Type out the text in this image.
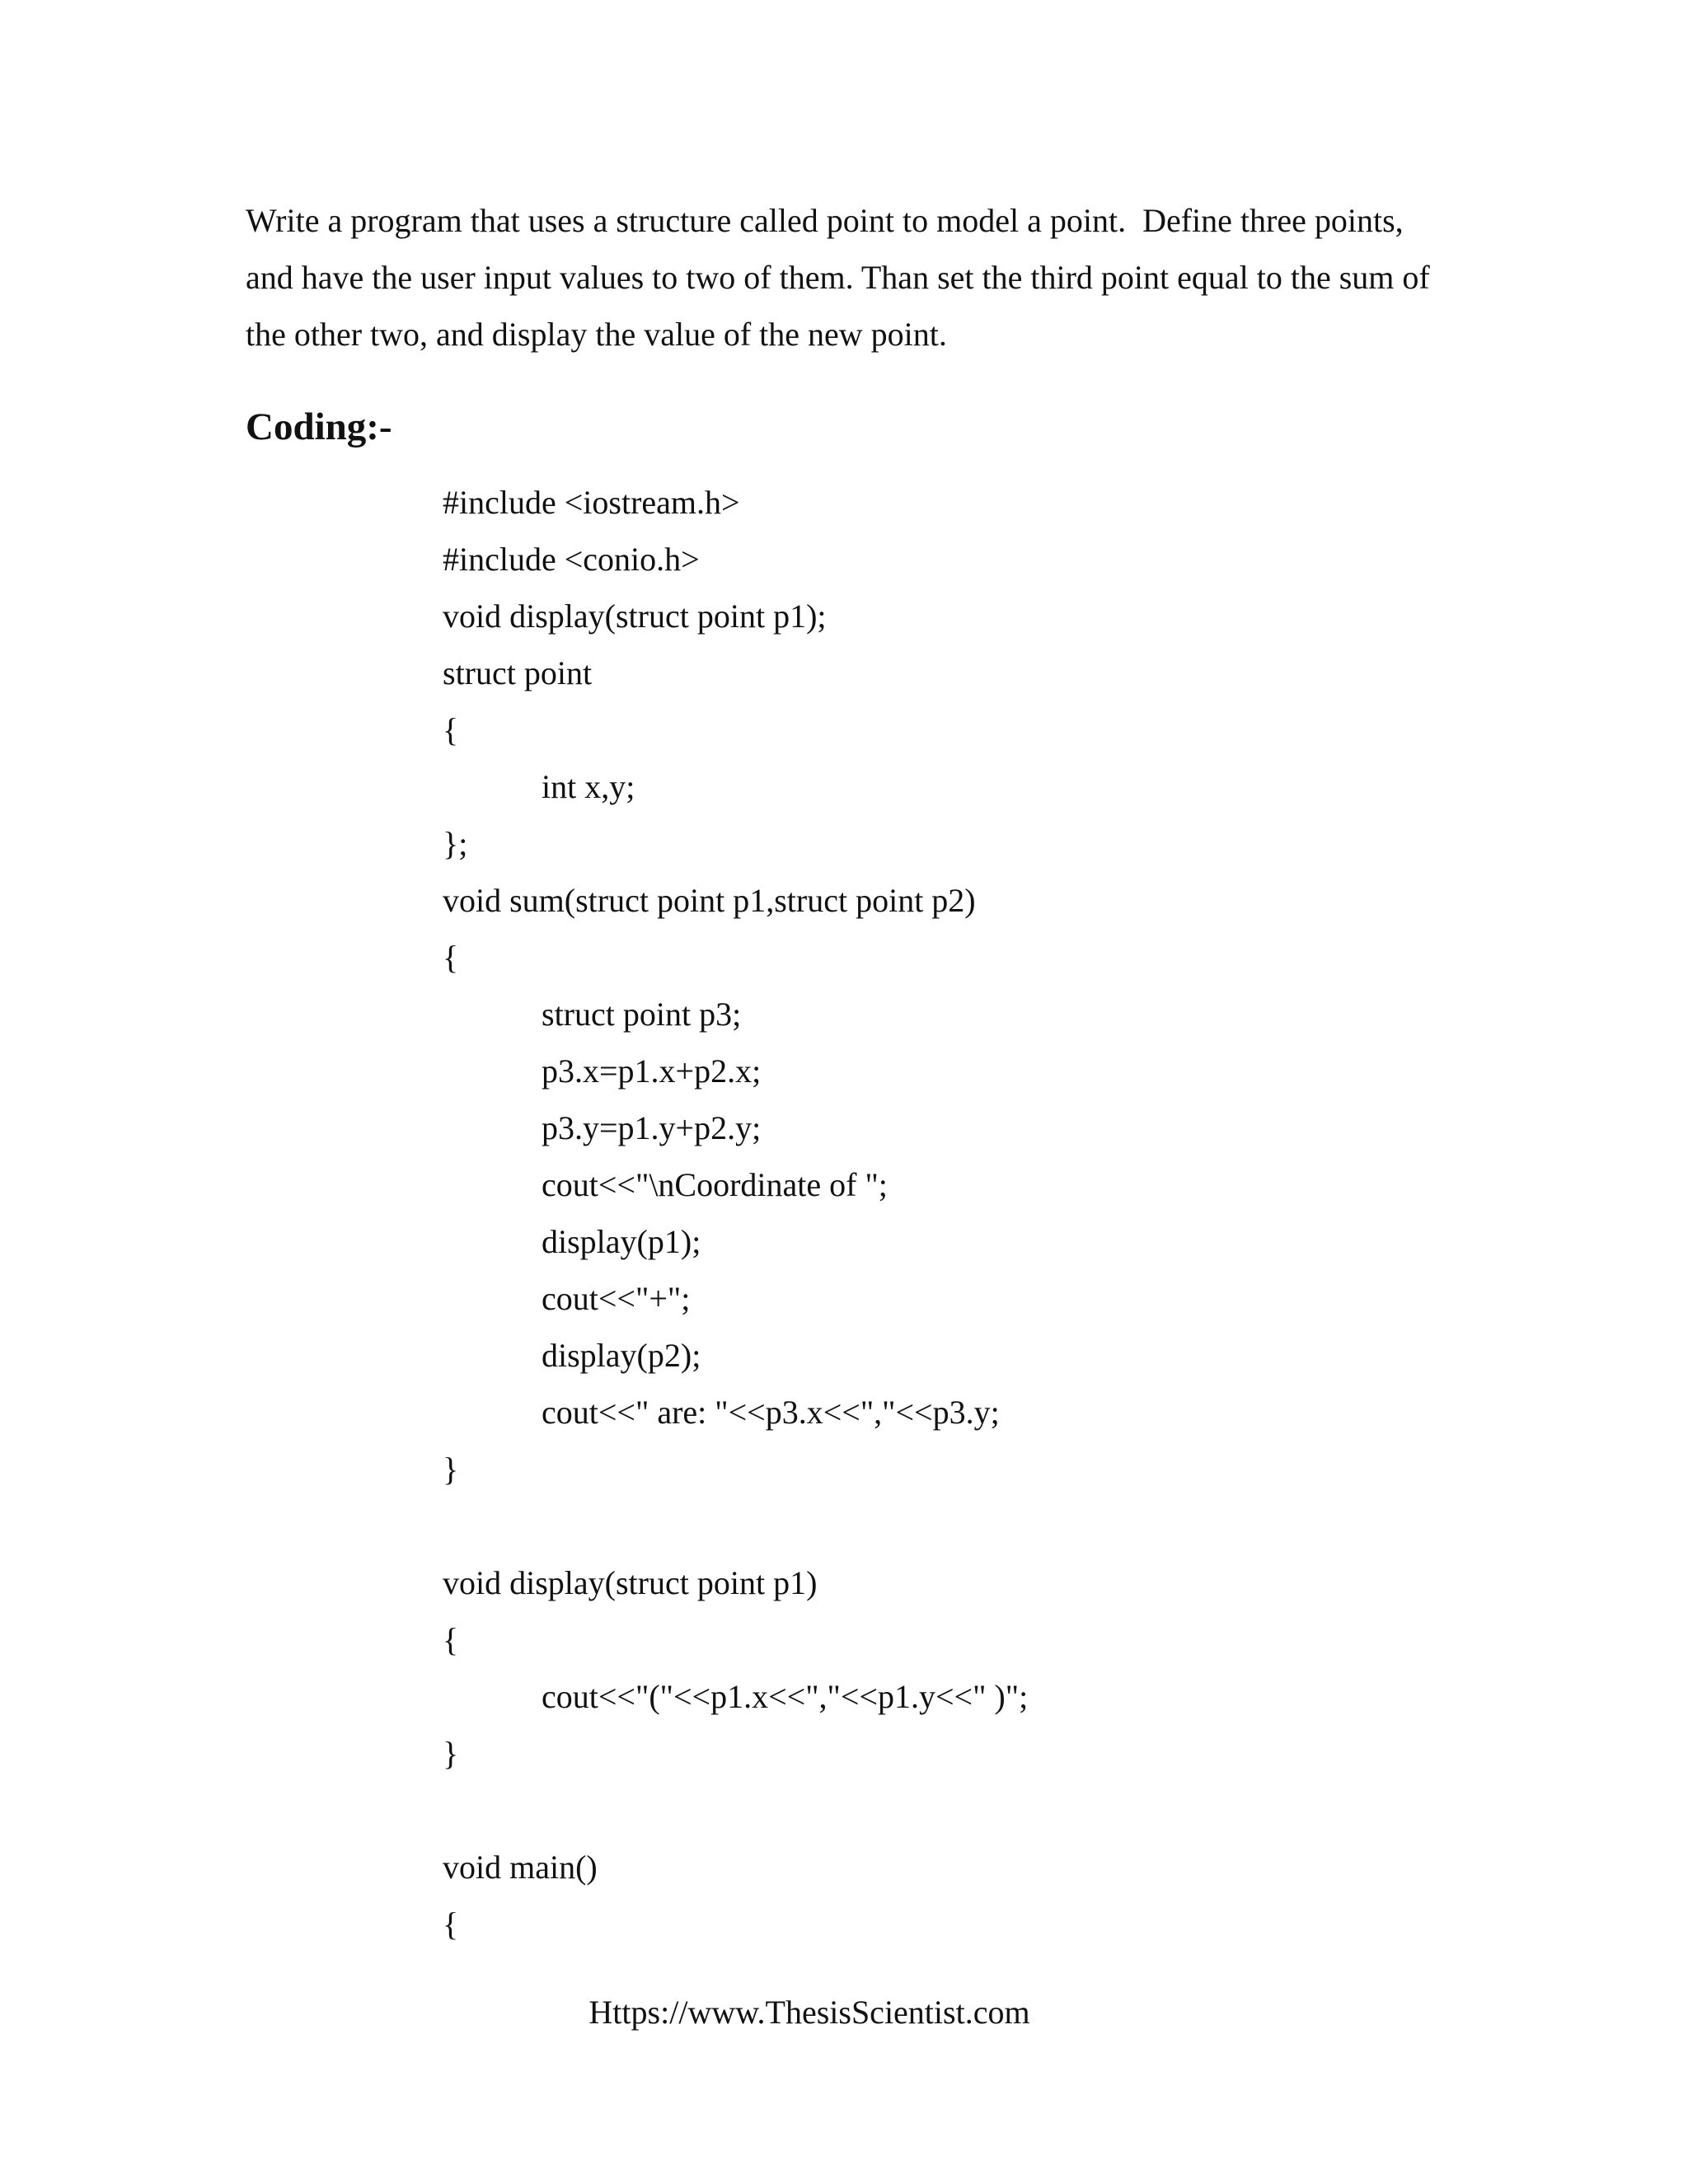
Write a program that uses a structure called point to model a point.  Define three points,
and have the user input values to two of them. Than set the third point equal to the sum of
the other two, and display the value of the new point.
Coding:-
#include <iostream.h>
#include <conio.h>
void display(struct point p1);
struct point
{
int x,y;
};
void sum(struct point p1,struct point p2)
{
struct point p3;
p3.x=p1.x+p2.x;
p3.y=p1.y+p2.y;
cout<<"\nCoordinate of ";
display(p1);
cout<<"+";
display(p2);
cout<<" are: "<<p3.x<<","<<p3.y;
}
void display(struct point p1)
{
cout<<"("<<p1.x<<","<<p1.y<<" )";
}
void main()
{
Https://www.ThesisScientist.com
